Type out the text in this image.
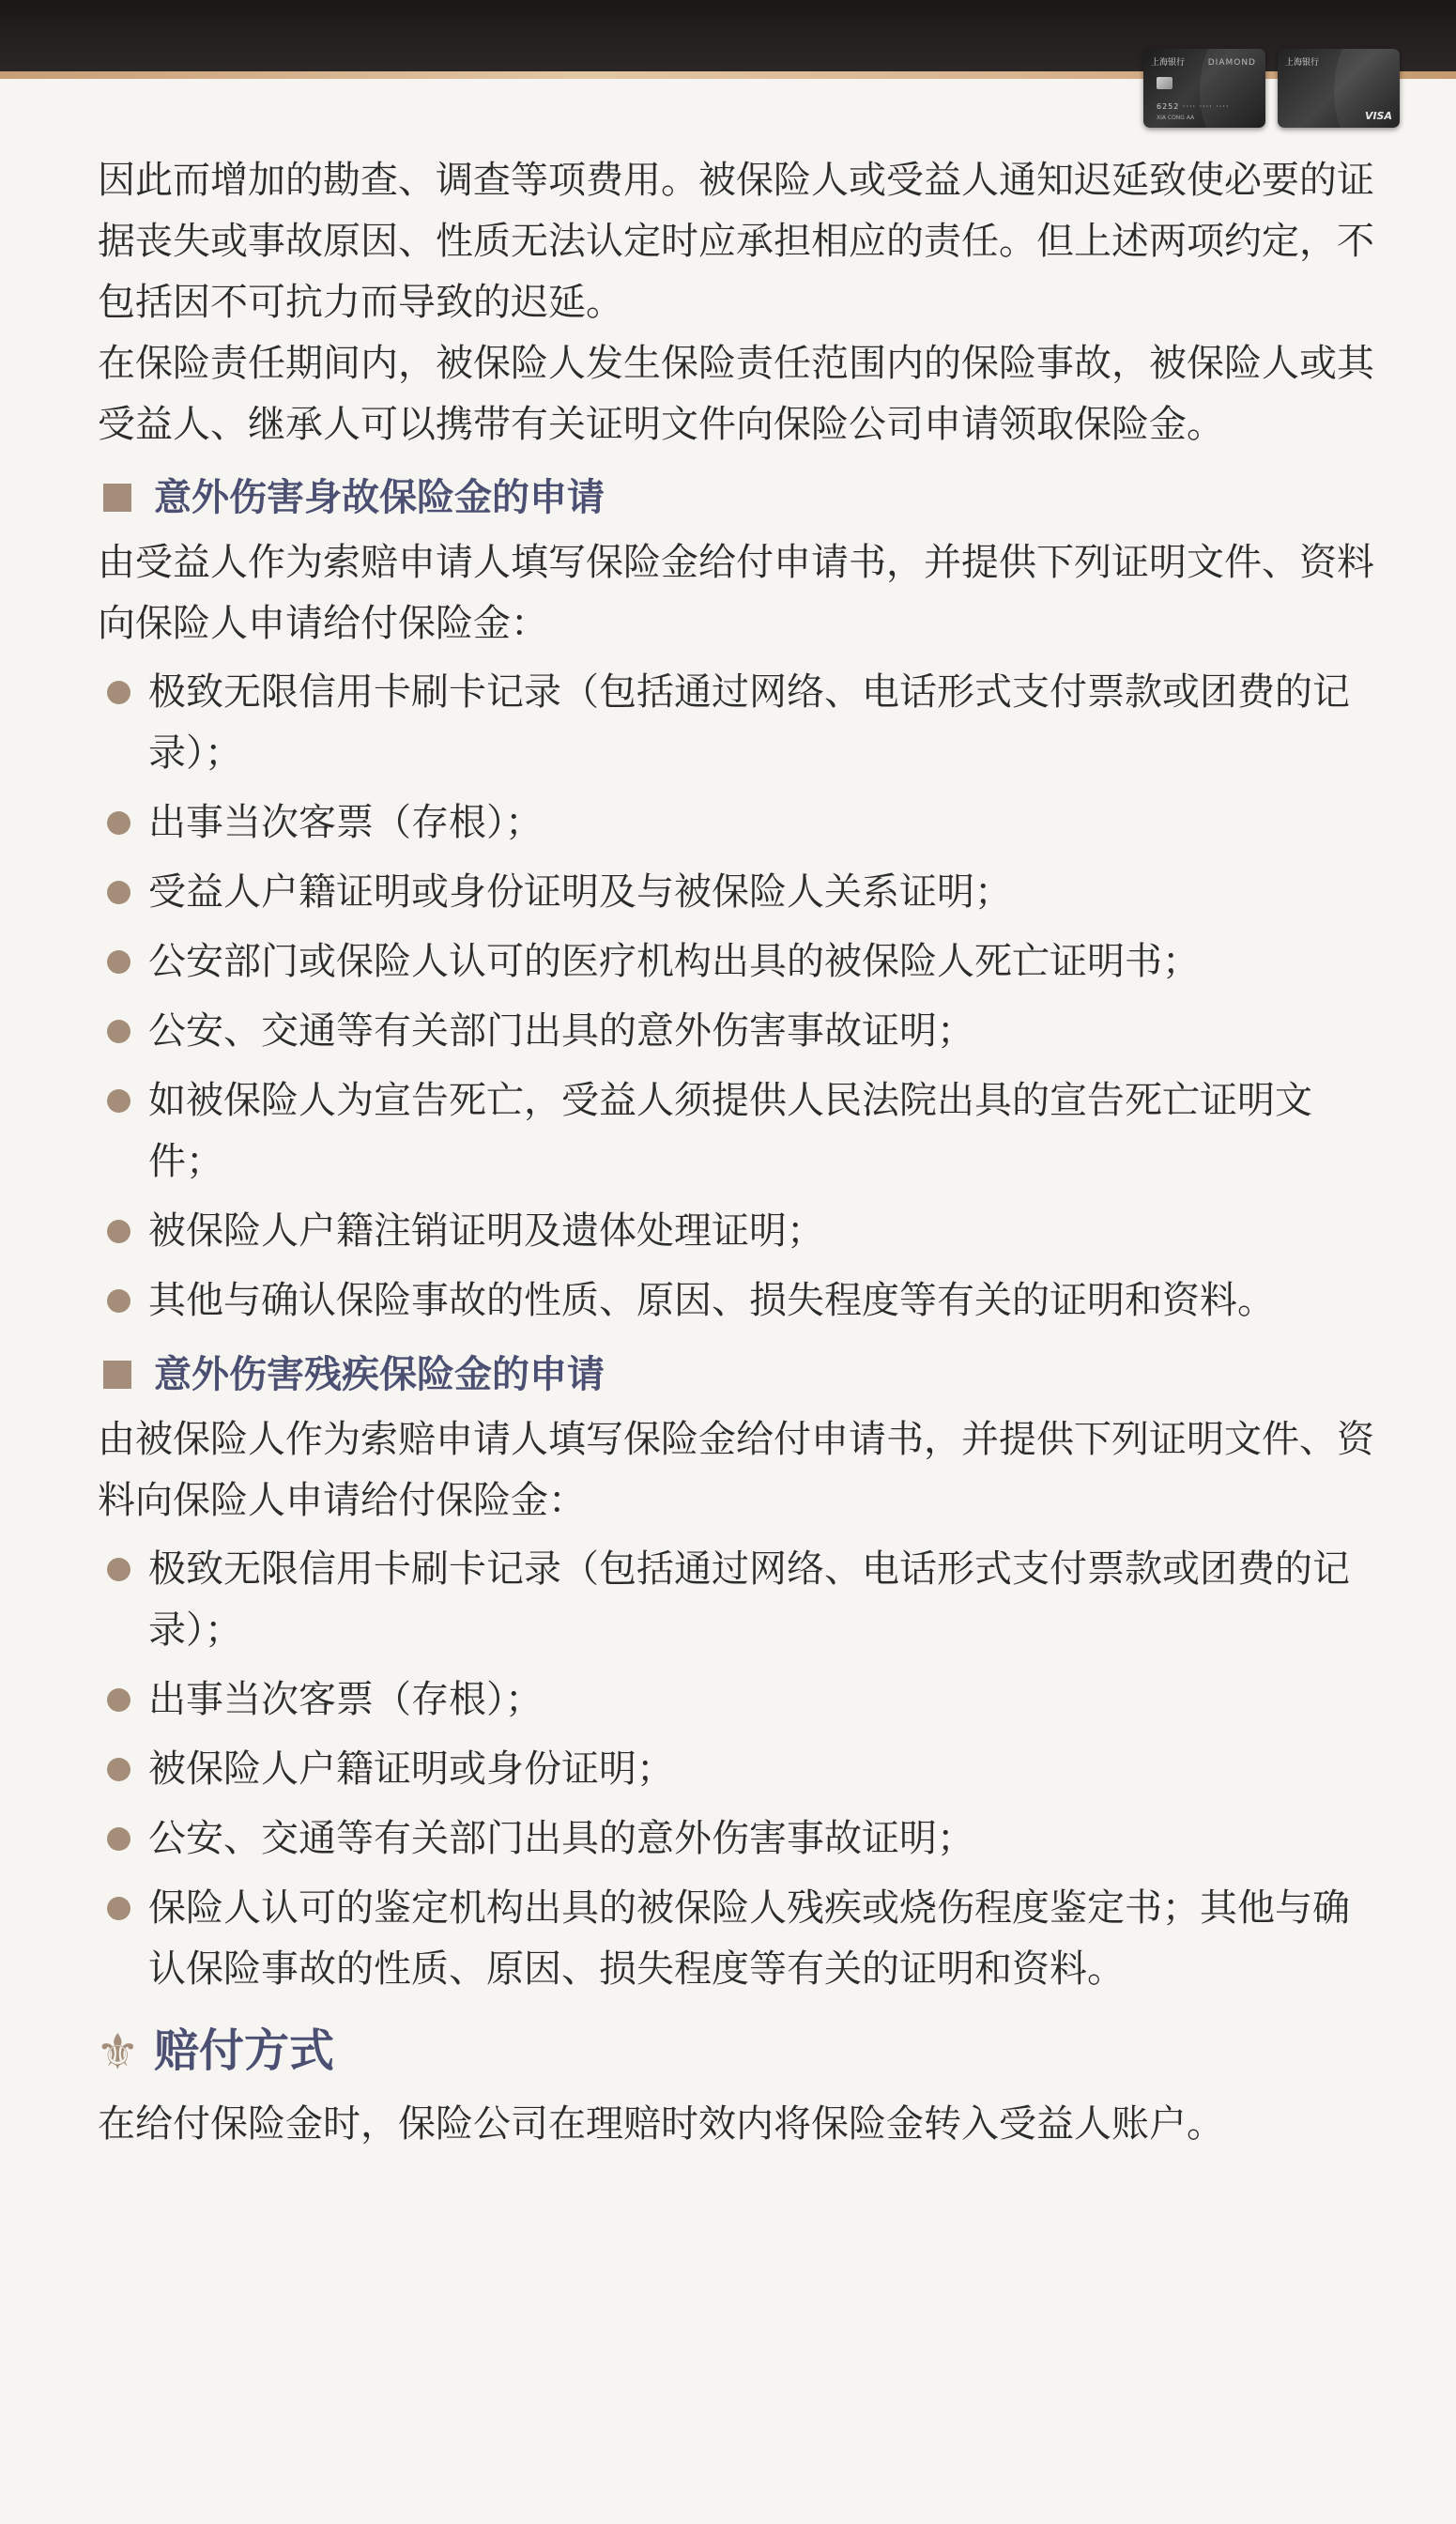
上海银行	DIAMOND
6252 ···· ···· ····
XIA CONG AA
上海银行
VISA

因此而增加的勘查、调查等项费用。被保险人或受益人通知迟延致使必要的证据丧失或事故原因、性质无法认定时应承担相应的责任。但上述两项约定，不包括因不可抗力而导致的迟延。

在保险责任期间内，被保险人发生保险责任范围内的保险事故，被保险人或其受益人、继承人可以携带有关证明文件向保险公司申请领取保险金。

意外伤害身故保险金的申请

由受益人作为索赔申请人填写保险金给付申请书，并提供下列证明文件、资料向保险人申请给付保险金：

极致无限信用卡刷卡记录（包括通过网络、电话形式支付票款或团费的记录）；
出事当次客票（存根）；
受益人户籍证明或身份证明及与被保险人关系证明；
公安部门或保险人认可的医疗机构出具的被保险人死亡证明书；
公安、交通等有关部门出具的意外伤害事故证明；
如被保险人为宣告死亡，受益人须提供人民法院出具的宣告死亡证明文件；
被保险人户籍注销证明及遗体处理证明；
其他与确认保险事故的性质、原因、损失程度等有关的证明和资料。
意外伤害残疾保险金的申请

由被保险人作为索赔申请人填写保险金给付申请书，并提供下列证明文件、资料向保险人申请给付保险金：

极致无限信用卡刷卡记录（包括通过网络、电话形式支付票款或团费的记录）；
出事当次客票（存根）；
被保险人户籍证明或身份证明；
公安、交通等有关部门出具的意外伤害事故证明；
保险人认可的鉴定机构出具的被保险人残疾或烧伤程度鉴定书；其他与确认保险事故的性质、原因、损失程度等有关的证明和资料。
⚜ 赔付方式

在给付保险金时，保险公司在理赔时效内将保险金转入受益人账户。
